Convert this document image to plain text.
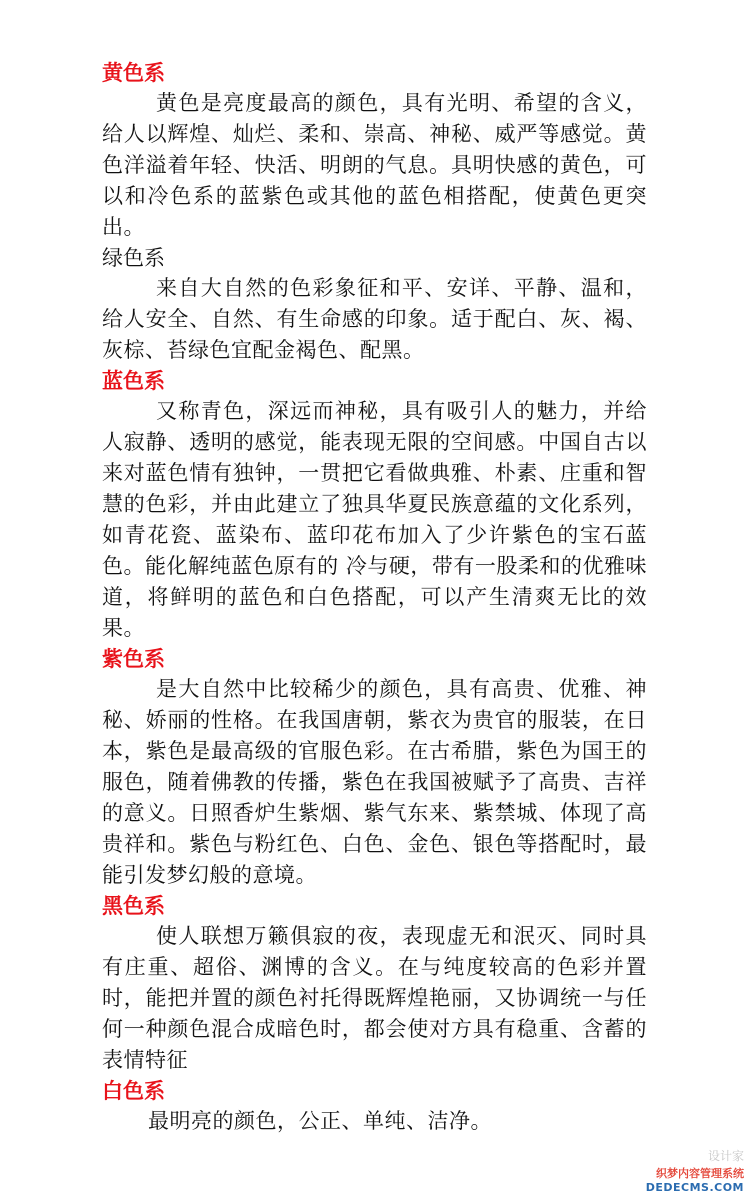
黄色系

黄色是亮度最高的颜色，具有光明、希望的含义，给人以辉煌、灿烂、柔和、崇高、神秘、威严等感觉。黄色洋溢着年轻、快活、明朗的气息。具明快感的黄色，可以和冷色系的蓝紫色或其他的蓝色相搭配，使黄色更突出。

绿色系

来自大自然的色彩象征和平、安详、平静、温和，给人安全、自然、有生命感的印象。适于配白、灰、褐、灰棕、苔绿色宜配金褐色、配黑。

蓝色系

又称青色，深远而神秘，具有吸引人的魅力，并给人寂静、透明的感觉，能表现无限的空间感。中国自古以来对蓝色情有独钟，一贯把它看做典雅、朴素、庄重和智慧的色彩，并由此建立了独具华夏民族意蕴的文化系列，如青花瓷、蓝染布、蓝印花布加入了少许紫色的宝石蓝色。能化解纯蓝色原有的 冷与硬，带有一股柔和的优雅味道，将鲜明的蓝色和白色搭配，可以产生清爽无比的效果。

紫色系

是大自然中比较稀少的颜色，具有高贵、优雅、神秘、娇丽的性格。在我国唐朝，紫衣为贵官的服装，在日本，紫色是最高级的官服色彩。在古希腊，紫色为国王的服色，随着佛教的传播，紫色在我国被赋予了高贵、吉祥的意义。日照香炉生紫烟、紫气东来、紫禁城、体现了高贵祥和。紫色与粉红色、白色、金色、银色等搭配时，最能引发梦幻般的意境。

黑色系

使人联想万籁俱寂的夜，表现虚无和泯灭、同时具有庄重、超俗、渊博的含义。在与纯度较高的色彩并置时，能把并置的颜色衬托得既辉煌艳丽，又协调统一与任何一种颜色混合成暗色时，都会使对方具有稳重、含蓄的表情特征

白色系

最明亮的颜色，公正、单纯、洁净。

设计家
织梦内容管理系统
DEDECMS.COM
